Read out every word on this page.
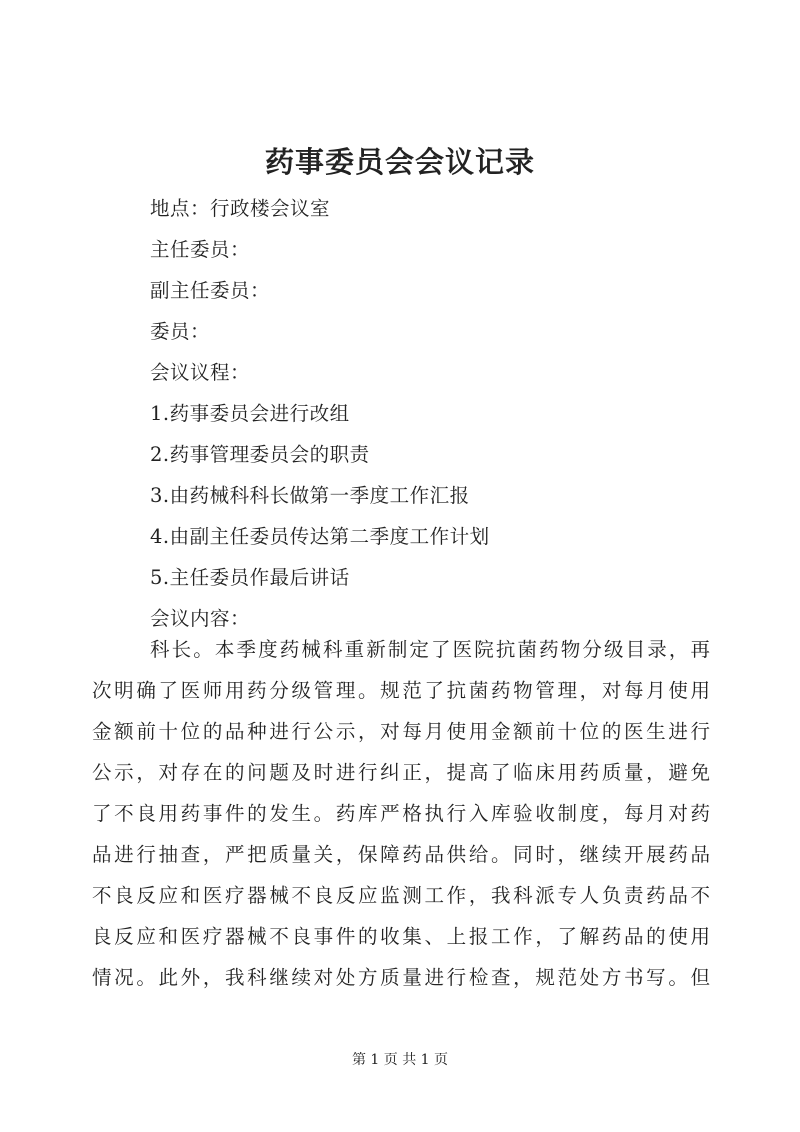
药事委员会会议记录
地点：行政楼会议室
主任委员：
副主任委员：
委员：
会议议程：
1.药事委员会进行改组
2.药事管理委员会的职责
3.由药械科科长做第一季度工作汇报
4.由副主任委员传达第二季度工作计划
5.主任委员作最后讲话
会议内容：
科长。本季度药械科重新制定了医院抗菌药物分级目录，再
次明确了医师用药分级管理。规范了抗菌药物管理，对每月使用
金额前十位的品种进行公示，对每月使用金额前十位的医生进行
公示，对存在的问题及时进行纠正，提高了临床用药质量，避免
了不良用药事件的发生。药库严格执行入库验收制度，每月对药
品进行抽查，严把质量关，保障药品供给。同时，继续开展药品
不良反应和医疗器械不良反应监测工作，我科派专人负责药品不
良反应和医疗器械不良事件的收集、上报工作，了解药品的使用
情况。此外，我科继续对处方质量进行检查，规范处方书写。但
第 1 页 共 1 页
